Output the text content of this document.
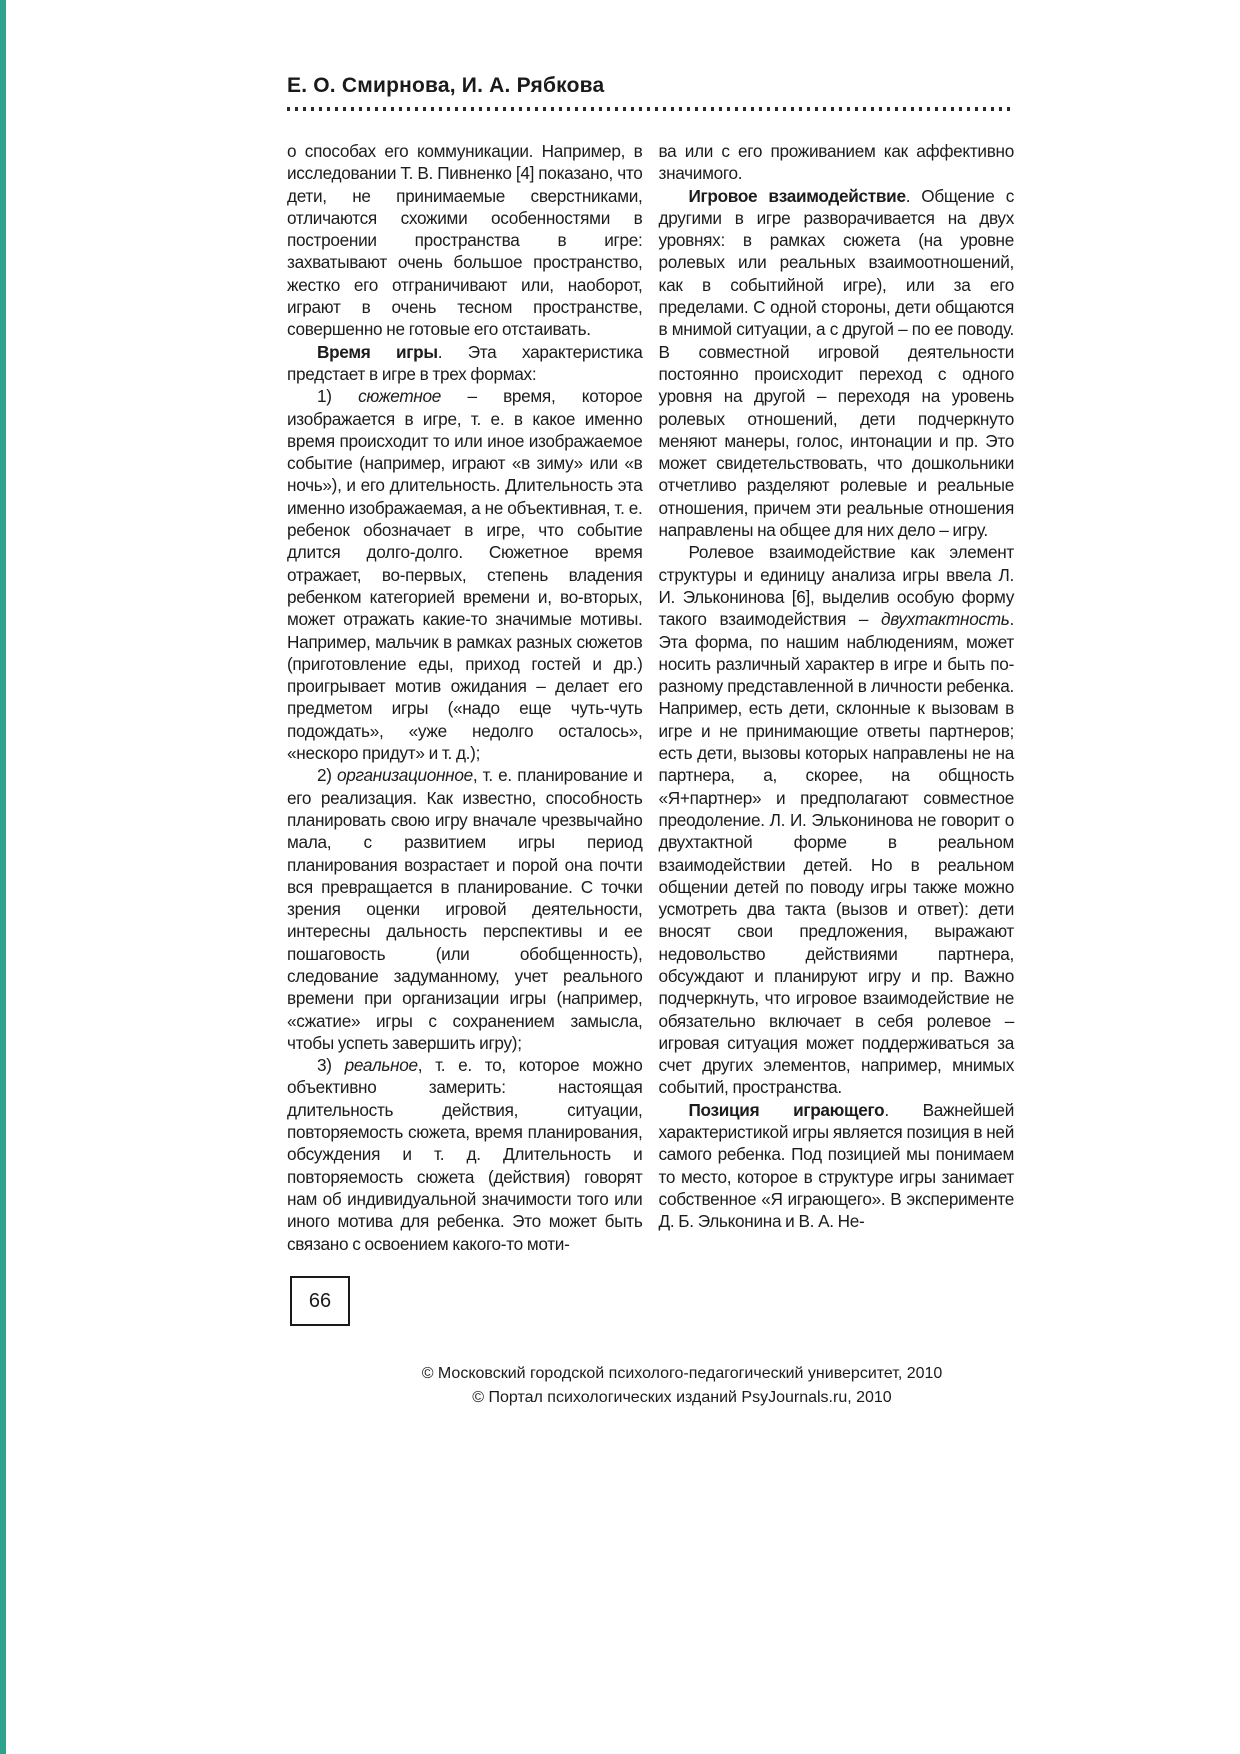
Е. О. Смирнова, И. А. Рябкова

о способах его коммуникации. Например, в исследовании Т. В. Пивненко [4] показано, что дети, не принимаемые сверстниками, отличаются схожими особенностями в построении пространства в игре: захватывают очень большое пространство, жестко его отграничивают или, наоборот, играют в очень тесном пространстве, совершенно не готовые его отстаивать.

Время игры. Эта характеристика предстает в игре в трех формах:

1) сюжетное – время, которое изображается в игре, т. е. в какое именно время происходит то или иное изображаемое событие (например, играют «в зиму» или «в ночь»), и его длительность. Длительность эта именно изображаемая, а не объективная, т. е. ребенок обозначает в игре, что событие длится долго-долго. Сюжетное время отражает, во-первых, степень владения ребенком категорией времени и, во-вторых, может отражать какие-то значимые мотивы. Например, мальчик в рамках разных сюжетов (приготовление еды, приход гостей и др.) проигрывает мотив ожидания – делает его предметом игры («надо еще чуть-чуть подождать», «уже недолго осталось», «нескоро придут» и т. д.);

2) организационное, т. е. планирование и его реализация. Как известно, способность планировать свою игру вначале чрезвычайно мала, с развитием игры период планирования возрастает и порой она почти вся превращается в планирование. С точки зрения оценки игровой деятельности, интересны дальность перспективы и ее пошаговость (или обобщенность), следование задуманному, учет реального времени при организации игры (например, «сжатие» игры с сохранением замысла, чтобы успеть завершить игру);

3) реальное, т. е. то, которое можно объективно замерить: настоящая длительность действия, ситуации, повторяемость сюжета, время планирования, обсуждения и т. д. Длительность и повторяемость сюжета (действия) говорят нам об индивидуальной значимости того или иного мотива для ребенка. Это может быть связано с освоением какого-то моти-

ва или с его проживанием как аффективно значимого.

Игровое взаимодействие. Общение с другими в игре разворачивается на двух уровнях: в рамках сюжета (на уровне ролевых или реальных взаимоотношений, как в событийной игре), или за его пределами. С одной стороны, дети общаются в мнимой ситуации, а с другой – по ее поводу. В совместной игровой деятельности постоянно происходит переход с одного уровня на другой – переходя на уровень ролевых отношений, дети подчеркнуто меняют манеры, голос, интонации и пр. Это может свидетельствовать, что дошкольники отчетливо разделяют ролевые и реальные отношения, причем эти реальные отношения направлены на общее для них дело – игру.

Ролевое взаимодействие как элемент структуры и единицу анализа игры ввела Л. И. Эльконинова [6], выделив особую форму такого взаимодействия – двухтактность. Эта форма, по нашим наблюдениям, может носить различный характер в игре и быть по-разному представленной в личности ребенка. Например, есть дети, склонные к вызовам в игре и не принимающие ответы партнеров; есть дети, вызовы которых направлены не на партнера, а, скорее, на общность «Я+партнер» и предполагают совместное преодоление. Л. И. Эльконинова не говорит о двухтактной форме в реальном взаимодействии детей. Но в реальном общении детей по поводу игры также можно усмотреть два такта (вызов и ответ): дети вносят свои предложения, выражают недовольство действиями партнера, обсуждают и планируют игру и пр. Важно подчеркнуть, что игровое взаимодействие не обязательно включает в себя ролевое – игровая ситуация может поддерживаться за счет других элементов, например, мнимых событий, пространства.

Позиция играющего. Важнейшей характеристикой игры является позиция в ней самого ребенка. Под позицией мы понимаем то место, которое в структуре игры занимает собственное «Я играющего». В эксперименте Д. Б. Эльконина и В. А. Не-

66
© Московский городской психолого-педагогический университет, 2010
© Портал психологических изданий PsyJournals.ru, 2010
